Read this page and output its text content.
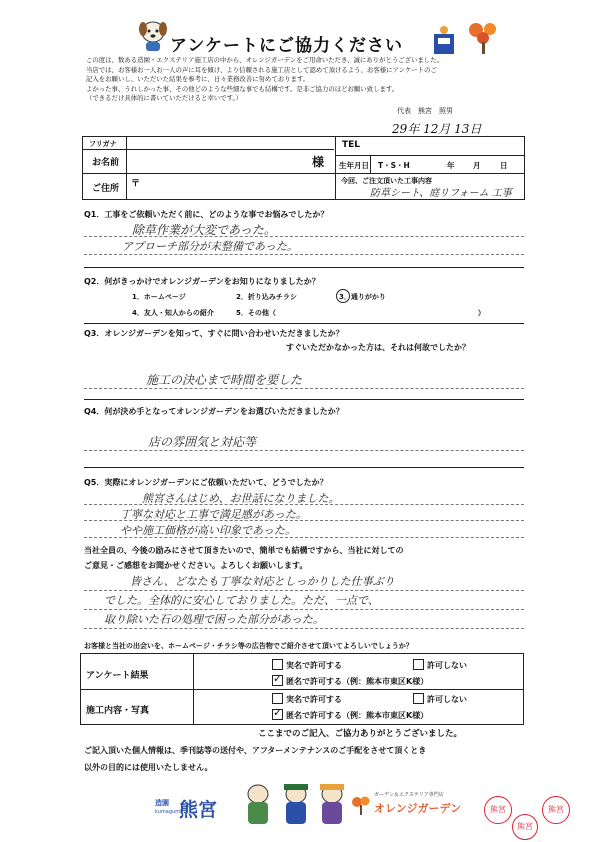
アンケートにご協力ください
この度は、数ある造園・エクステリア施工店の中から、オレンジガーデンをご用命いただき、誠にありがとうございました。
当店では、お客様お一人お一人の声に耳を傾け、より信頼される施工店として認めて頂けるよう、お客様にアンケートのご
記入をお願いし、いただいた結果を参考に、日々業務改善に努めております。
よかった事、うれしかった事、その他どのような些細な事でも結構です。是非ご協力のほどお願い致します。
（できるだけ具体的に書いていただけると幸いです。）
代表　熊宮　照男
29年 12月 13日
フリガナ
お名前	様
TEL
生年月日 T・S・H	年 月	日
ご住所 〒	今回、ご注文頂いた工事内容
防草シート、庭リフォーム 工事
Q1．工事をご依頼いただく前に、どのような事でお悩みでしたか？
除草作業が大変であった。
アプローチ部分が未整備であった。
Q2．何がきっかけでオレンジガーデンをお知りになりましたか？
1．ホームページ	2．折り込みチラシ	3．通りがかり
4．友人・知人からの紹介	5．その他（	）
Q3．オレンジガーデンを知って、すぐに問い合わせいただきましたか？
すぐいただかなかった方は、それは何故でしたか？
施工の決心まで時間を要した
Q4．何が決め手となってオレンジガーデンをお選びいただきましたか？
店の雰囲気と対応等
Q5．実際にオレンジガーデンにご依頼いただいて、どうでしたか？
熊宮さんはじめ、お世話になりました。
丁寧な対応と工事で満足感があった。
やや施工価格が高い印象であった。
当社全員の、今後の励みにさせて頂きたいので、簡単でも結構ですから、当社に対しての
ご意見・ご感想をお聞かせください。よろしくお願いします。
皆さん、どなたも丁寧な対応としっかりした仕事ぶり
でした。全体的に安心しておりました。ただ、一点で、
取り除いた石の処理で困った部分があった。
お客様と当社の出会いを、ホームページ・チラシ等の広告物でご紹介させて頂いてよろしいでしょうか？
アンケート結果
実名で許可する	許可しない
✓
匿名で許可する（例：熊本市東区K様）
施工内容・写真
実名で許可する	許可しない
✓
匿名で許可する（例：熊本市東区K様）
ここまでのご記入、ご協力ありがとうございました。
ご記入頂いた個人情報は、季刊誌等の送付や、アフターメンテナンスのご手配をさせて頂くとき
以外の目的には使用いたしません。
造園
kumagumi
熊宮
ガーデン＆エクステリア専門店
オレンジガーデン	熊宮	熊宮
熊宮
